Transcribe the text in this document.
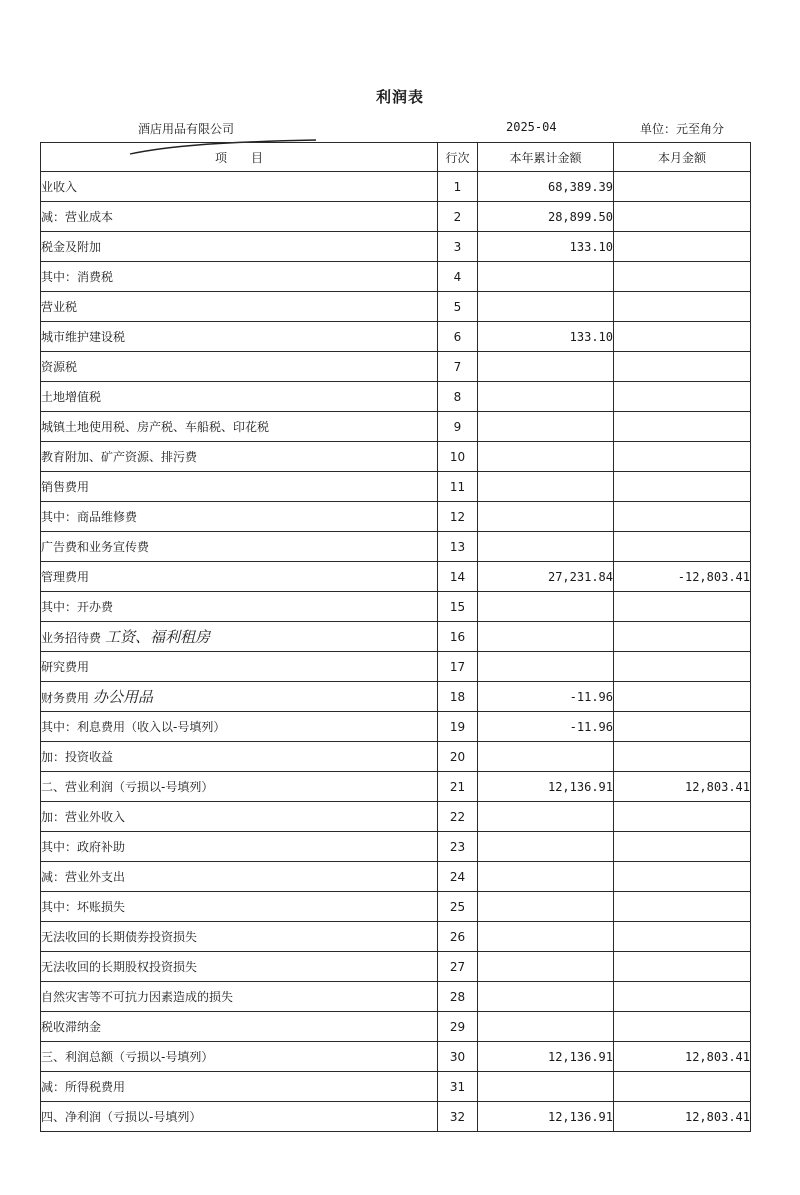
利润表
酒店用品有限公司	2025-04	单位：元至角分
项　　目	行次	本年累计金额	本月金额
业收入	1	68,389.39	
减：营业成本	2	28,899.50	
税金及附加	3	133.10	
其中：消费税	4		
营业税	5		
城市维护建设税	6	133.10	
资源税	7		
土地增值税	8		
城镇土地使用税、房产税、车船税、印花税	9		
教育附加、矿产资源、排污费	10		
销售费用	11		
其中：商品维修费	12		
广告费和业务宣传费	13		
管理费用	14	27,231.84	-12,803.41
其中：开办费	15		
业务招待费 工资、福利租房	16		
研究费用	17		
财务费用 办公用品	18	-11.96	
其中：利息费用（收入以-号填列）	19	-11.96	
加：投资收益	20		
二、营业利润（亏损以-号填列）	21	12,136.91	12,803.41
加：营业外收入	22		
其中：政府补助	23		
减：营业外支出	24		
其中：坏账损失	25		
无法收回的长期债券投资损失	26		
无法收回的长期股权投资损失	27		
自然灾害等不可抗力因素造成的损失	28		
税收滞纳金	29		
三、利润总额（亏损以-号填列）	30	12,136.91	12,803.41
减：所得税费用	31		
四、净利润（亏损以-号填列）	32	12,136.91	12,803.41
